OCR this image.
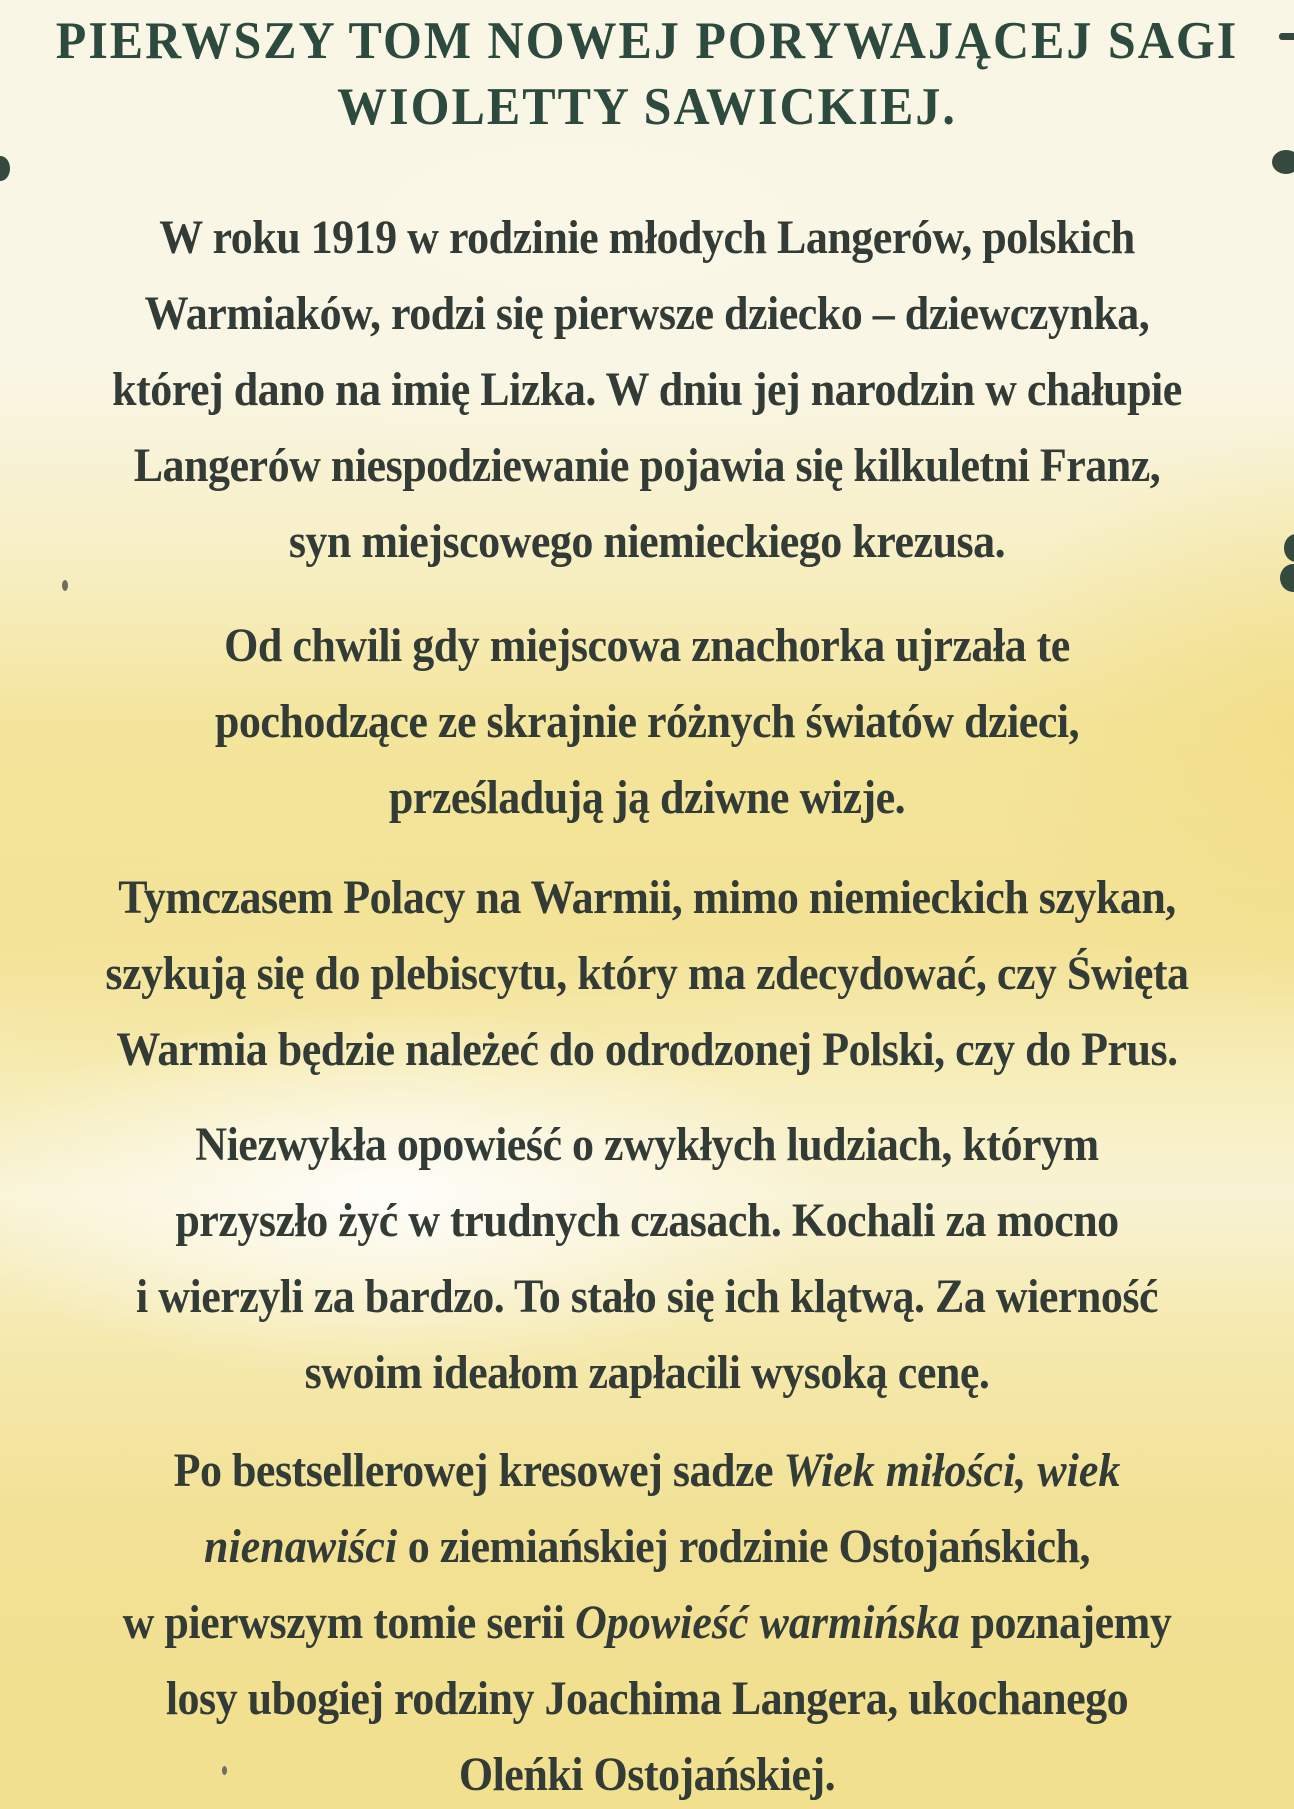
PIERWSZY TOM NOWEJ PORYWAJĄCEJ SAGI
WIOLETTY SAWICKIEJ.
W roku 1919 w rodzinie młodych Langerów, polskich
Warmiaków, rodzi się pierwsze dziecko – dziewczynka,
której dano na imię Lizka. W dniu jej narodzin w chałupie
Langerów niespodziewanie pojawia się kilkuletni Franz,
syn miejscowego niemieckiego krezusa.
Od chwili gdy miejscowa znachorka ujrzała te
pochodzące ze skrajnie różnych światów dzieci,
prześladują ją dziwne wizje.
Tymczasem Polacy na Warmii, mimo niemieckich szykan,
szykują się do plebiscytu, który ma zdecydować, czy Święta
Warmia będzie należeć do odrodzonej Polski, czy do Prus.
Niezwykła opowieść o zwykłych ludziach, którym
przyszło żyć w trudnych czasach. Kochali za mocno
i wierzyli za bardzo. To stało się ich klątwą. Za wierność
swoim ideałom zapłacili wysoką cenę.
Po bestsellerowej kresowej sadze Wiek miłości, wiek
nienawiści o ziemiańskiej rodzinie Ostojańskich,
w pierwszym tomie serii Opowieść warmińska poznajemy
losy ubogiej rodziny Joachima Langera, ukochanego
Oleńki Ostojańskiej.
